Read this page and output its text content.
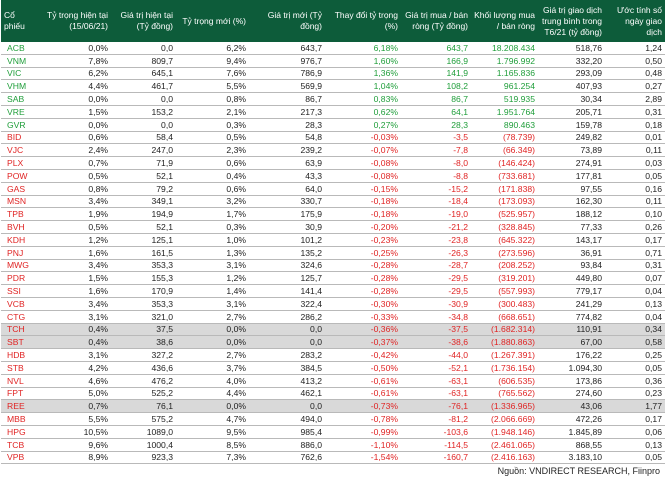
Cổ phiếu	Tỷ trọng hiện tại (15/06/21)	Giá trị hiện tại (Tỷ đồng)	Tỷ trọng mới (%)	Giá trị mới (Tỷ đồng)	Thay đổi tỷ trọng (%)	Giá trị mua / bán ròng (Tỷ đồng)	Khối lượng mua / bán ròng	Giá trị giao dịch trung bình trong T6/21 (tỷ đồng)	Ước tính số ngày giao dịch
ACB	0,0%	0,0	6,2%	643,7	6,18%	643,7	18.208.434	518,76	1,24
VNM	7,8%	809,7	9,4%	976,7	1,60%	166,9	1.796.992	332,20	0,50
VIC	6,2%	645,1	7,6%	786,9	1,36%	141,9	1.165.836	293,09	0,48
VHM	4,4%	461,7	5,5%	569,9	1,04%	108,2	961.254	407,93	0,27
SAB	0,0%	0,0	0,8%	86,7	0,83%	86,7	519.935	30,34	2,89
VRE	1,5%	153,2	2,1%	217,3	0,62%	64,1	1.951.764	205,71	0,31
GVR	0,0%	0,0	0,3%	28,3	0,27%	28,3	890.463	159,78	0,18
BID	0,6%	58,4	0,5%	54,8	-0,03%	-3,5	(78.739)	249,82	0,01
VJC	2,4%	247,0	2,3%	239,2	-0,07%	-7,8	(66.349)	73,89	0,11
PLX	0,7%	71,9	0,6%	63,9	-0,08%	-8,0	(146.424)	274,91	0,03
POW	0,5%	52,1	0,4%	43,3	-0,08%	-8,8	(733.681)	177,81	0,05
GAS	0,8%	79,2	0,6%	64,0	-0,15%	-15,2	(171.838)	97,55	0,16
MSN	3,4%	349,1	3,2%	330,7	-0,18%	-18,4	(173.093)	162,30	0,11
TPB	1,9%	194,9	1,7%	175,9	-0,18%	-19,0	(525.957)	188,12	0,10
BVH	0,5%	52,1	0,3%	30,9	-0,20%	-21,2	(328.845)	77,33	0,26
KDH	1,2%	125,1	1,0%	101,2	-0,23%	-23,8	(645.322)	143,17	0,17
PNJ	1,6%	161,5	1,3%	135,2	-0,25%	-26,3	(273.596)	36,91	0,71
MWG	3,4%	353,3	3,1%	324,6	-0,28%	-28,7	(208.252)	93,84	0,31
PDR	1,5%	155,3	1,2%	125,7	-0,28%	-29,5	(319.201)	449,80	0,07
SSI	1,6%	170,9	1,4%	141,4	-0,28%	-29,5	(557.993)	779,17	0,04
VCB	3,4%	353,3	3,1%	322,4	-0,30%	-30,9	(300.483)	241,29	0,13
CTG	3,1%	321,0	2,7%	286,2	-0,33%	-34,8	(668.651)	774,82	0,04
TCH	0,4%	37,5	0,0%	0,0	-0,36%	-37,5	(1.682.314)	110,91	0,34
SBT	0,4%	38,6	0,0%	0,0	-0,37%	-38,6	(1.880.863)	67,00	0,58
HDB	3,1%	327,2	2,7%	283,2	-0,42%	-44,0	(1.267.391)	176,22	0,25
STB	4,2%	436,6	3,7%	384,5	-0,50%	-52,1	(1.736.154)	1.094,30	0,05
NVL	4,6%	476,2	4,0%	413,2	-0,61%	-63,1	(606.535)	173,86	0,36
FPT	5,0%	525,2	4,4%	462,1	-0,61%	-63,1	(765.562)	274,60	0,23
REE	0,7%	76,1	0,0%	0,0	-0,73%	-76,1	(1.336.965)	43,06	1,77
MBB	5,5%	575,2	4,7%	494,0	-0,78%	-81,2	(2.066.669)	472,26	0,17
HPG	10,5%	1089,0	9,5%	985,4	-0,99%	-103,6	(1.948.146)	1.845,89	0,06
TCB	9,6%	1000,4	8,5%	886,0	-1,10%	-114,5	(2.461.065)	868,55	0,13
VPB	8,9%	923,3	7,3%	762,6	-1,54%	-160,7	(2.416.163)	3.183,10	0,05
Nguồn: VNDIRECT RESEARCH, Fiinpro
